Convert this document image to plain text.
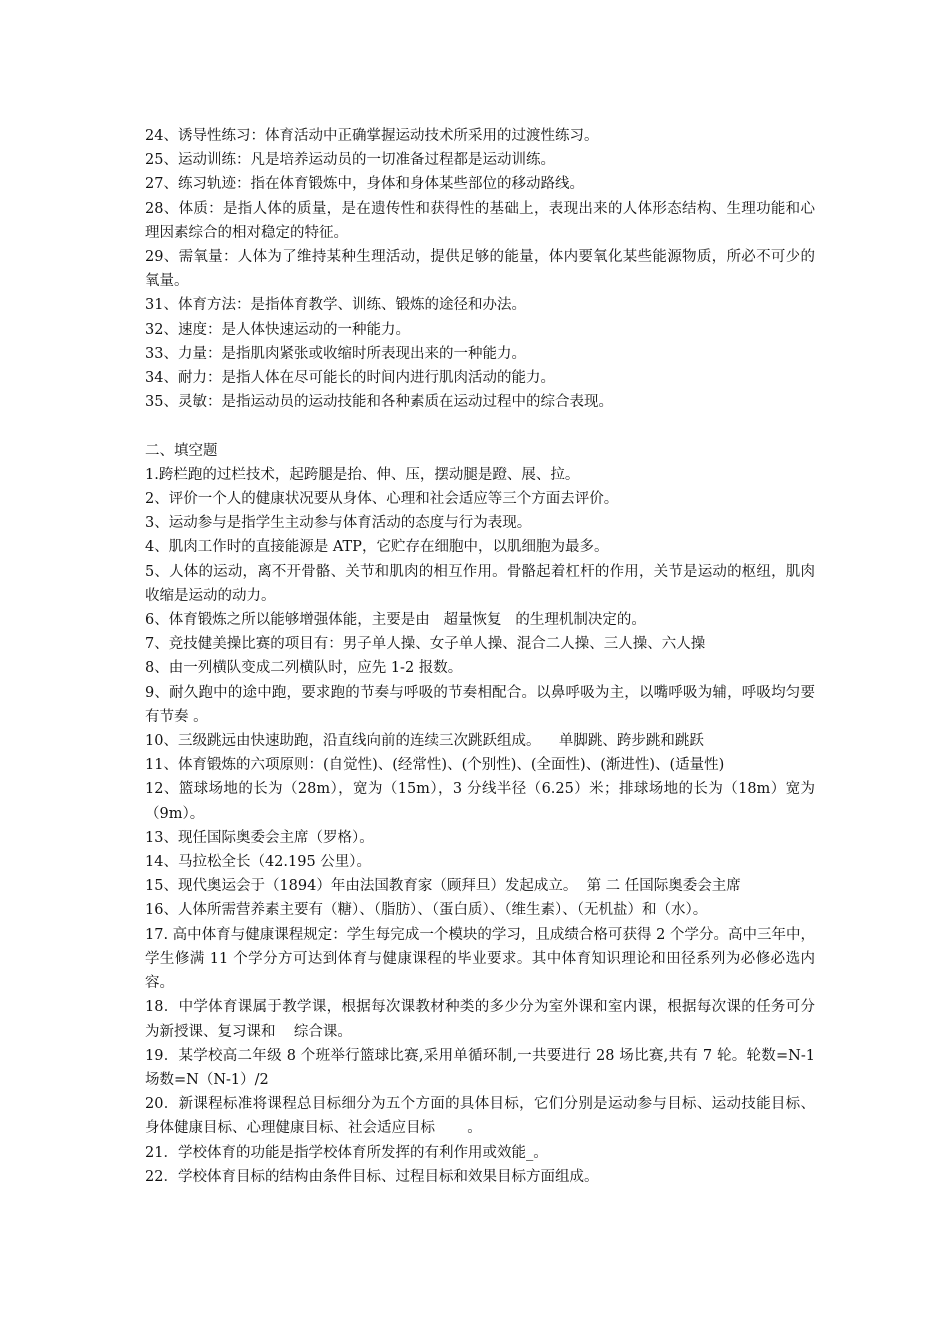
24、诱导性练习：体育活动中正确掌握运动技术所采用的过渡性练习。

25、运动训练：凡是培养运动员的一切准备过程都是运动训练。

27、练习轨迹：指在体育锻炼中，身体和身体某些部位的移动路线。

28、体质：是指人体的质量，是在遗传性和获得性的基础上，表现出来的人体形态结构、生理功能和心理因素综合的相对稳定的特征。

29、需氧量：人体为了维持某种生理活动，提供足够的能量，体内要氧化某些能源物质，所必不可少的氧量。

31、体育方法：是指体育教学、训练、锻炼的途径和办法。

32、速度：是人体快速运动的一种能力。

33、力量：是指肌肉紧张或收缩时所表现出来的一种能力。

34、耐力：是指人体在尽可能长的时间内进行肌肉活动的能力。

35、灵敏：是指运动员的运动技能和各种素质在运动过程中的综合表现。

二、填空题

1.跨栏跑的过栏技术，起跨腿是抬、伸、压，摆动腿是蹬、展、拉。

2、评价一个人的健康状况要从身体、心理和社会适应等三个方面去评价。

3、运动参与是指学生主动参与体育活动的态度与行为表现。

4、肌肉工作时的直接能源是 ATP，它贮存在细胞中，以肌细胞为最多。

5、人体的运动，离不开骨骼、关节和肌肉的相互作用。骨骼起着杠杆的作用，关节是运动的枢纽，肌肉收缩是运动的动力。

6、体育锻炼之所以能够增强体能，主要是由   超量恢复   的生理机制决定的。

7、竞技健美操比赛的项目有：男子单人操、女子单人操、混合二人操、三人操、六人操

8、由一列横队变成二列横队时，应先 1-2 报数。

9、耐久跑中的途中跑，要求跑的节奏与呼吸的节奏相配合。以鼻呼吸为主，以嘴呼吸为辅，呼吸均匀要有节奏 。

10、三级跳远由快速助跑，沿直线向前的连续三次跳跃组成。    单脚跳、跨步跳和跳跃

11、体育锻炼的六项原则：(自觉性)、(经常性)、(个别性)、(全面性)、(渐进性)、(适量性)

12、篮球场地的长为（28m），宽为（15m），3 分线半径（6.25）米；排球场地的长为（18m）宽为（9m）。

13、现任国际奥委会主席（罗格）。

14、马拉松全长（42.195 公里）。

15、现代奥运会于（1894）年由法国教育家（顾拜旦）发起成立。  第 二 任国际奥委会主席

16、人体所需营养素主要有（糖）、（脂肪）、（蛋白质）、（维生素）、（无机盐）和（水）。

17. 高中体育与健康课程规定：学生每完成一个模块的学习，且成绩合格可获得 2 个学分。高中三年中，学生修满 11 个学分方可达到体育与健康课程的毕业要求。其中体育知识理论和田径系列为必修必选内容。

18．中学体育课属于教学课，根据每次课教材种类的多少分为室外课和室内课，根据每次课的任务可分为新授课、复习课和    综合课。

19．某学校高二年级 8 个班举行篮球比赛,采用单循环制,一共要进行 28 场比赛,共有 7 轮。轮数=N-1  场数=N（N-1）/2

20．新课程标准将课程总目标细分为五个方面的具体目标，它们分别是运动参与目标、运动技能目标、身体健康目标、心理健康目标、社会适应目标       。

21．学校体育的功能是指学校体育所发挥的有利作用或效能_。

22．学校体育目标的结构由条件目标、过程目标和效果目标方面组成。
